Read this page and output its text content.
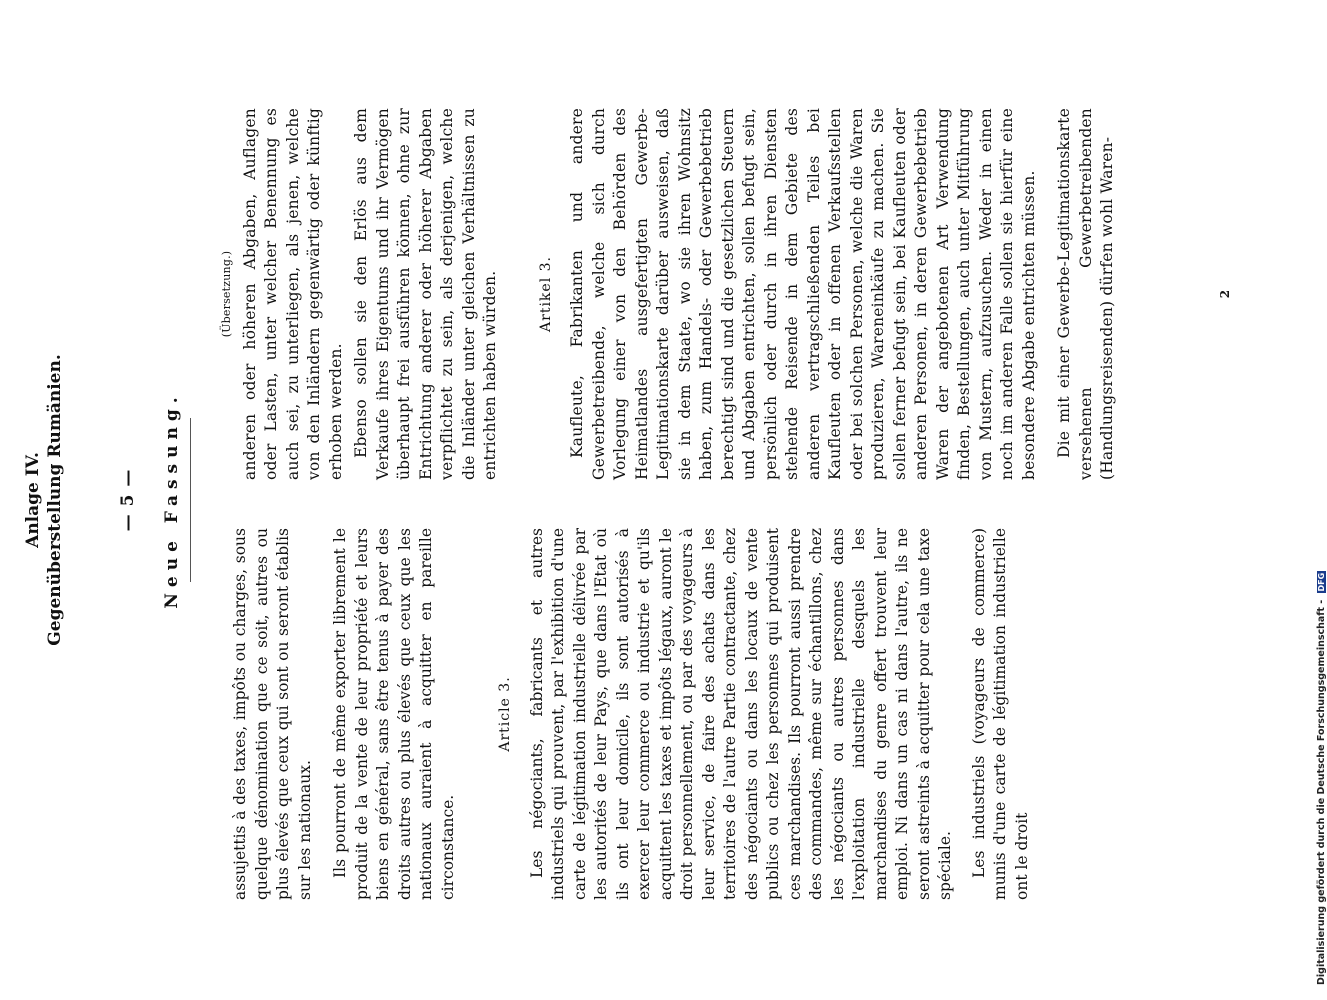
Anlage IV. Gegenüberstellung Rumänien.	— 5 — Neue Fassung.

assujettis à des taxes, impôts ou charges, sous quelque dénomination que ce soit, autres ou plus élevés que ceux qui sont ou seront établis sur les nationaux. Ils pourront de même exporter librement le produit de la vente de leur propriété et leurs biens en général, sans être tenus à payer des droits autres ou plus élevés que ceux que les nationaux auraient à acquitter en pareille circonstance.

Article 3. Les négociants, fabricants et autres industriels qui prouvent, par l'exhibition d'une carte de légitimation industrielle délivrée par les autorités de leur Pays, que dans l'Etat où ils ont leur domicile, ils sont autorisés à exercer leur commerce ou industrie et qu'ils acquittent les taxes et impôts légaux, auront le droit personnellement, ou par des voyageurs à leur service, de faire des achats dans les territoires de l'autre Partie contractante, chez des négociants ou dans les locaux de vente publics ou chez les personnes qui produisent ces marchandises. Ils pourront aussi prendre des commandes, même sur échantillons, chez les négociants ou autres personnes dans l'exploitation industrielle desquels les marchandises du genre offert trouvent leur emploi. Ni dans un cas ni dans l'autre, ils ne seront astreints à acquitter pour cela une taxe spéciale. Les industriels (voyageurs de commerce) munis d'une carte de légitimation industrielle ont le droit

(Übersetzung.) anderen oder höheren Abgaben, Auflagen oder Lasten, unter welcher Benennung es auch sei, zu unterliegen, als jenen, welche von den Inländern gegenwärtig oder künftig erhoben werden. Ebenso sollen sie den Erlös aus dem Verkaufe ihres Eigentums und ihr Vermögen überhaupt frei ausführen können, ohne zur Entrichtung anderer oder höherer Abgaben verpflichtet zu sein, als derjenigen, welche die Inländer unter gleichen Verhältnissen zu entrichten haben würden.	Artikel 3. Kaufleute, Fabrikanten und andere Gewerbetreibende, welche sich durch Vorlegung einer von den Behörden des Heimatlandes ausgefertigten Gewerbe-Legitimationskarte darüber ausweisen, daß sie in dem Staate, wo sie ihren Wohnsitz haben, zum Handels- oder Gewerbebetrieb berechtigt sind und die gesetzlichen Steuern und Abgaben entrichten, sollen befugt sein, persönlich oder durch in ihren Diensten stehende Reisende in dem Gebiete des anderen vertragschließenden Teiles bei Kaufleuten oder in offenen Verkaufsstellen oder bei solchen Personen, welche die Waren produzieren, Wareneinkäufe zu machen. Sie sollen ferner befugt sein, bei Kaufleuten oder anderen Personen, in deren Gewerbebetrieb Waren der angebotenen Art Verwendung finden, Bestellungen, auch unter Mitführung von Mustern, aufzusuchen. Weder in einen noch im anderen Falle sollen sie hierfür eine besondere Abgabe entrichten müssen. Die mit einer Gewerbe-Legitimationskarte versehenen Gewerbetreibenden (Handlungsreisenden) dürfen wohl Waren-	2
Digitalisierung gefördert durch die Deutsche Forschungsgemeinschaft - DFG
